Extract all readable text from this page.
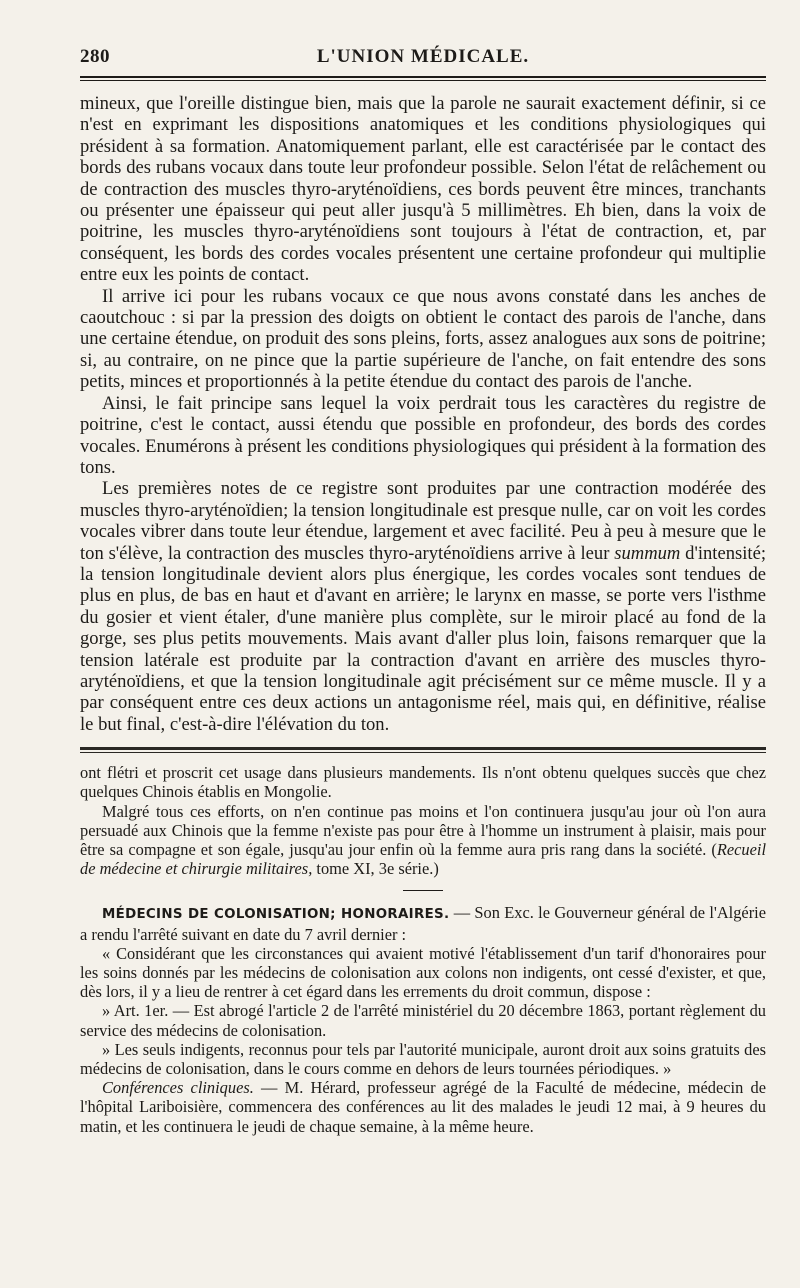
280	L'UNION MÉDICALE.

mineux, que l'oreille distingue bien, mais que la parole ne saurait exactement définir, si ce n'est en exprimant les dispositions anatomiques et les conditions physiologiques qui président à sa formation. Anatomiquement parlant, elle est caractérisée par le contact des bords des rubans vocaux dans toute leur profondeur possible. Selon l'état de relâchement ou de contraction des muscles thyro-aryténoïdiens, ces bords peuvent être minces, tranchants ou présenter une épaisseur qui peut aller jusqu'à 5 millimètres. Eh bien, dans la voix de poitrine, les muscles thyro-aryténoïdiens sont toujours à l'état de contraction, et, par conséquent, les bords des cordes vocales présentent une certaine profondeur qui multiplie entre eux les points de contact.

Il arrive ici pour les rubans vocaux ce que nous avons constaté dans les anches de caoutchouc : si par la pression des doigts on obtient le contact des parois de l'anche, dans une certaine étendue, on produit des sons pleins, forts, assez analogues aux sons de poitrine; si, au contraire, on ne pince que la partie supérieure de l'anche, on fait entendre des sons petits, minces et proportionnés à la petite étendue du contact des parois de l'anche.

Ainsi, le fait principe sans lequel la voix perdrait tous les caractères du registre de poitrine, c'est le contact, aussi étendu que possible en profondeur, des bords des cordes vocales. Enumérons à présent les conditions physiologiques qui président à la formation des tons.

Les premières notes de ce registre sont produites par une contraction modérée des muscles thyro-aryténoïdien; la tension longitudinale est presque nulle, car on voit les cordes vocales vibrer dans toute leur étendue, largement et avec facilité. Peu à peu à mesure que le ton s'élève, la contraction des muscles thyro-aryténoïdiens arrive à leur summum d'intensité; la tension longitudinale devient alors plus énergique, les cordes vocales sont tendues de plus en plus, de bas en haut et d'avant en arrière; le larynx en masse, se porte vers l'isthme du gosier et vient étaler, d'une manière plus complète, sur le miroir placé au fond de la gorge, ses plus petits mouvements. Mais avant d'aller plus loin, faisons remarquer que la tension latérale est produite par la contraction d'avant en arrière des muscles thyro-aryténoïdiens, et que la tension longitudinale agit précisément sur ce même muscle. Il y a par conséquent entre ces deux actions un antagonisme réel, mais qui, en définitive, réalise le but final, c'est-à-dire l'élévation du ton.

ont flétri et proscrit cet usage dans plusieurs mandements. Ils n'ont obtenu quelques succès que chez quelques Chinois établis en Mongolie.

Malgré tous ces efforts, on n'en continue pas moins et l'on continuera jusqu'au jour où l'on aura persuadé aux Chinois que la femme n'existe pas pour être à l'homme un instrument à plaisir, mais pour être sa compagne et son égale, jusqu'au jour enfin où la femme aura pris rang dans la société. (Recueil de médecine et chirurgie militaires, tome XI, 3e série.)

MÉDECINS DE COLONISATION; HONORAIRES. — Son Exc. le Gouverneur général de l'Algérie a rendu l'arrêté suivant en date du 7 avril dernier :

« Considérant que les circonstances qui avaient motivé l'établissement d'un tarif d'honoraires pour les soins donnés par les médecins de colonisation aux colons non indigents, ont cessé d'exister, et que, dès lors, il y a lieu de rentrer à cet égard dans les errements du droit commun, dispose :

» Art. 1er. — Est abrogé l'article 2 de l'arrêté ministériel du 20 décembre 1863, portant règlement du service des médecins de colonisation.

» Les seuls indigents, reconnus pour tels par l'autorité municipale, auront droit aux soins gratuits des médecins de colonisation, dans le cours comme en dehors de leurs tournées périodiques. »

Conférences cliniques. — M. Hérard, professeur agrégé de la Faculté de médecine, médecin de l'hôpital Lariboisière, commencera des conférences au lit des malades le jeudi 12 mai, à 9 heures du matin, et les continuera le jeudi de chaque semaine, à la même heure.
